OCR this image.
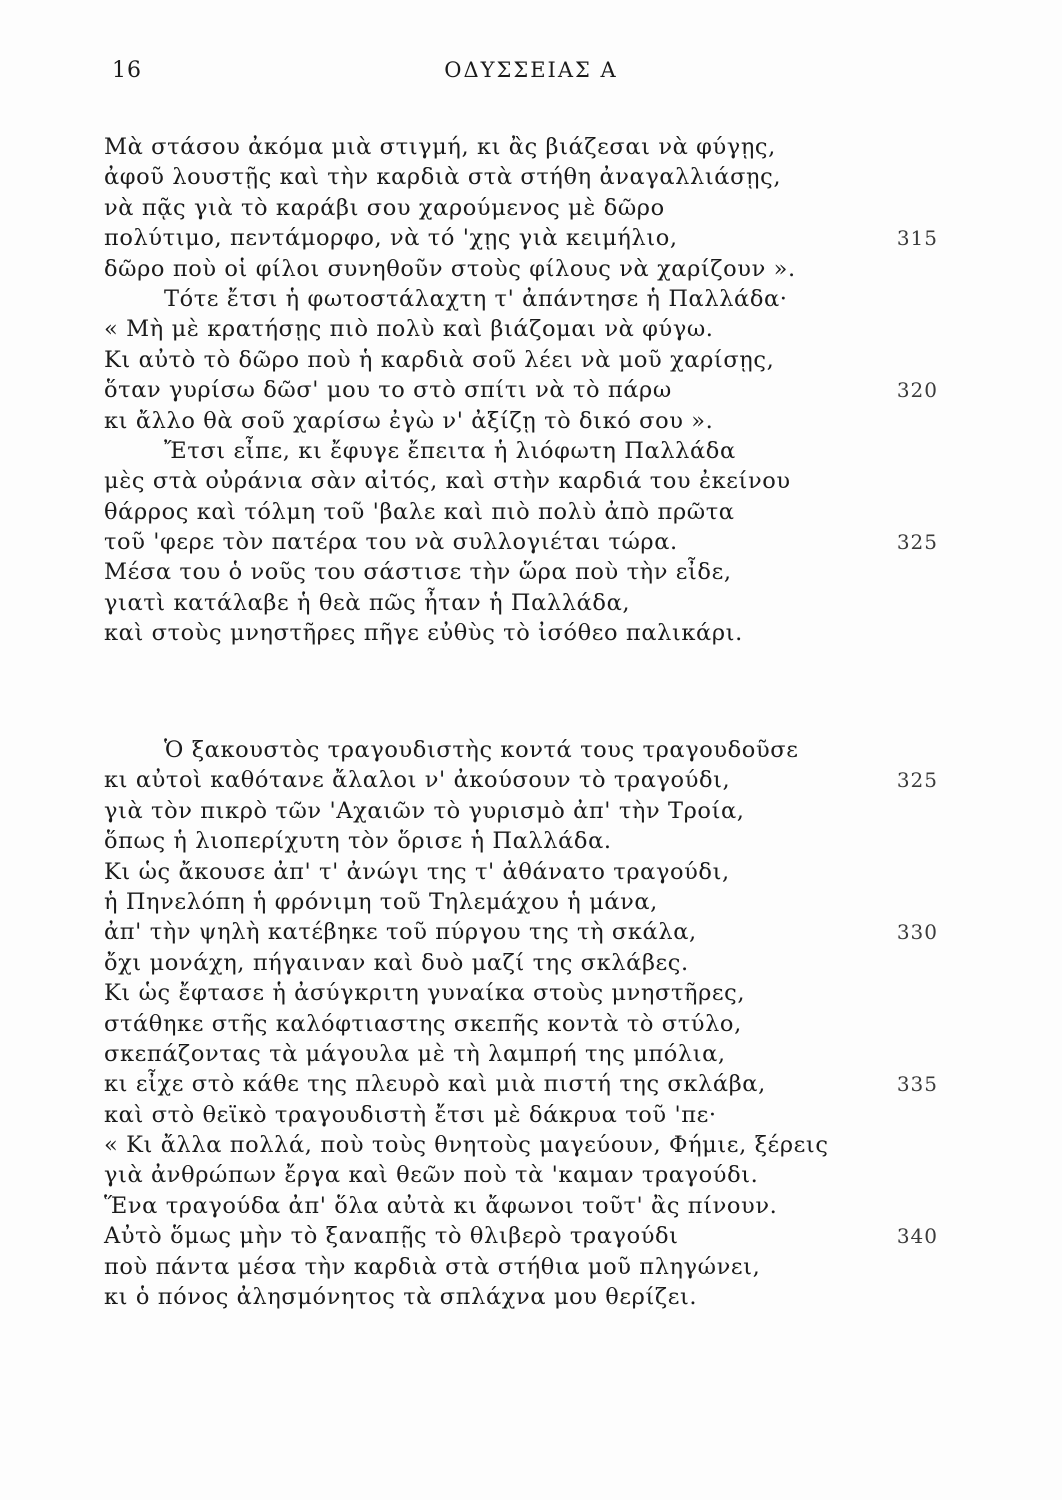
16	ΟΔΥΣΣΕΙΑΣ Α
Μὰ στάσου ἀκόμα μιὰ στιγμή, κι ἂς βιάζεσαι νὰ φύγῃς,
ἀφοῦ λουστῇς καὶ τὴν καρδιὰ στὰ στήθη ἀναγαλλιάσῃς,
νὰ πᾷς γιὰ τὸ καράβι σου χαρούμενος μὲ δῶρο
πολύτιμο, πεντάμορφο, νὰ τό 'χῃς γιὰ κειμήλιο,	315
δῶρο ποὺ οἱ φίλοι συνηθοῦν στοὺς φίλους νὰ χαρίζουν ».
Τότε ἔτσι ἡ φωτοστάλαχτη τ' ἀπάντησε ἡ Παλλάδα·
« Μὴ μὲ κρατήσῃς πιὸ πολὺ καὶ βιάζομαι νὰ φύγω.
Κι αὐτὸ τὸ δῶρο ποὺ ἡ καρδιὰ σοῦ λέει νὰ μοῦ χαρίσῃς,
ὅταν γυρίσω δῶσ' μου το στὸ σπίτι νὰ τὸ πάρω	320
κι ἄλλο θὰ σοῦ χαρίσω ἐγὼ ν' ἀξίζῃ τὸ δικό σου ».
Ἔτσι εἶπε, κι ἔφυγε ἔπειτα ἡ λιόφωτη Παλλάδα
μὲς στὰ οὐράνια σὰν αἰτός, καὶ στὴν καρδιά του ἐκείνου
θάρρος καὶ τόλμη τοῦ 'βαλε καὶ πιὸ πολὺ ἀπὸ πρῶτα
τοῦ 'φερε τὸν πατέρα του νὰ συλλογιέται τώρα.	325
Μέσα του ὁ νοῦς του σάστισε τὴν ὥρα ποὺ τὴν εἶδε,
γιατὶ κατάλαβε ἡ θεὰ πῶς ἦταν ἡ Παλλάδα,
καὶ στοὺς μνηστῆρες πῆγε εὐθὺς τὸ ἰσόθεο παλικάρι.
Ὁ ξακουστὸς τραγουδιστὴς κοντά τους τραγουδοῦσε
κι αὐτοὶ καθότανε ἄλαλοι ν' ἀκούσουν τὸ τραγούδι,	325
γιὰ τὸν πικρὸ τῶν 'Αχαιῶν τὸ γυρισμὸ ἀπ' τὴν Τροία,
ὅπως ἡ λιοπερίχυτη τὸν ὅρισε ἡ Παλλάδα.
Κι ὡς ἄκουσε ἀπ' τ' ἀνώγι της τ' ἀθάνατο τραγούδι,
ἡ Πηνελόπη ἡ φρόνιμη τοῦ Τηλεμάχου ἡ μάνα,
ἀπ' τὴν ψηλὴ κατέβηκε τοῦ πύργου της τὴ σκάλα,	330
ὄχι μονάχη, πήγαιναν καὶ δυὸ μαζί της σκλάβες.
Κι ὡς ἔφτασε ἡ ἀσύγκριτη γυναίκα στοὺς μνηστῆρες,
στάθηκε στῆς καλόφτιαστης σκεπῆς κοντὰ τὸ στύλο,
σκεπάζοντας τὰ μάγουλα μὲ τὴ λαμπρή της μπόλια,
κι εἶχε στὸ κάθε της πλευρὸ καὶ μιὰ πιστή της σκλάβα,	335
καὶ στὸ θεϊκὸ τραγουδιστὴ ἔτσι μὲ δάκρυα τοῦ 'πε·
« Κι ἄλλα πολλά, ποὺ τοὺς θνητοὺς μαγεύουν, Φήμιε, ξέρεις
γιὰ ἀνθρώπων ἔργα καὶ θεῶν ποὺ τὰ 'καμαν τραγούδι.
Ἕνα τραγούδα ἀπ' ὅλα αὐτὰ κι ἄφωνοι τοῦτ' ἂς πίνουν.
Αὐτὸ ὅμως μὴν τὸ ξαναπῇς τὸ θλιβερὸ τραγούδι	340
ποὺ πάντα μέσα τὴν καρδιὰ στὰ στήθια μοῦ πληγώνει,
κι ὁ πόνος ἀλησμόνητος τὰ σπλάχνα μου θερίζει.
